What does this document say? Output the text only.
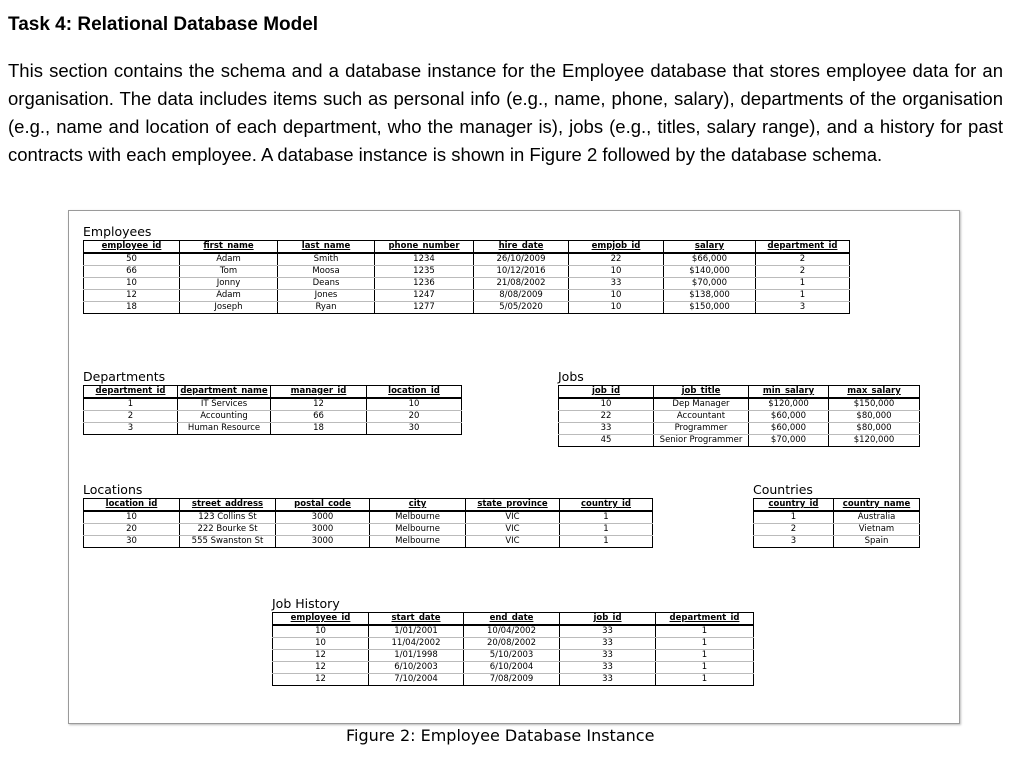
Task 4: Relational Database Model
This section contains the schema and a database instance for the Employee database that stores employee data for an organisation. The data includes items such as personal info (e.g., name, phone, salary), departments of the organisation (e.g., name and location of each department, who the manager is), jobs (e.g., titles, salary range), and a history for past contracts with each employee. A database instance is shown in Figure 2 followed by the database schema.
Employees
employee_id	first_name	last_name	phone_number	hire_date	empjob_id	salary	department_id
50	Adam	Smith	1234	26/10/2009	22	$66,000	2
66	Tom	Moosa	1235	10/12/2016	10	$140,000	2
10	Jonny	Deans	1236	21/08/2002	33	$70,000	1
12	Adam	Jones	1247	8/08/2009	10	$138,000	1
18	Joseph	Ryan	1277	5/05/2020	10	$150,000	3
Departments
department_id	department_name	manager_id	location_id
1	IT Services	12	10
2	Accounting	66	20
3	Human Resource	18	30
Jobs
job_id	job_title	min_salary	max_salary
10	Dep Manager	$120,000	$150,000
22	Accountant	$60,000	$80,000
33	Programmer	$60,000	$80,000
45	Senior Programmer	$70,000	$120,000
Locations
location_id	street_address	postal_code	city	state_province	country_id
10	123 Collins St	3000	Melbourne	VIC	1
20	222 Bourke St	3000	Melbourne	VIC	1
30	555 Swanston St	3000	Melbourne	VIC	1
Countries
country_id	country_name
1	Australia
2	Vietnam
3	Spain
Job History
employee_id	start_date	end_date	job_id	department_id
10	1/01/2001	10/04/2002	33	1
10	11/04/2002	20/08/2002	33	1
12	1/01/1998	5/10/2003	33	1
12	6/10/2003	6/10/2004	33	1
12	7/10/2004	7/08/2009	33	1
Figure 2: Employee Database Instance
